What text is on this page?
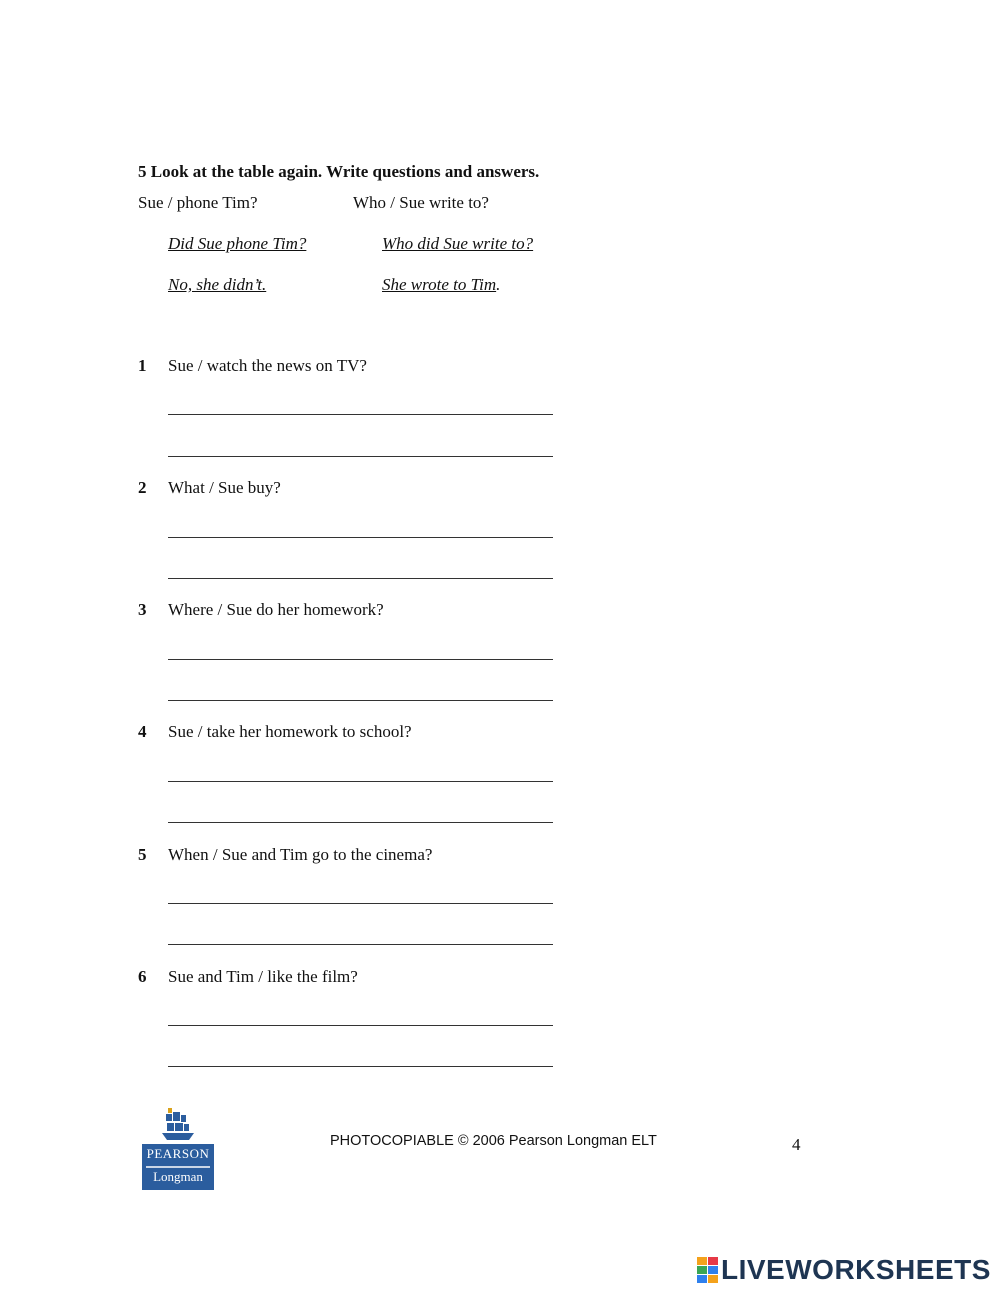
5 Look at the table again. Write questions and answers.
Sue / phone Tim?	Who / Sue write to?
Did Sue phone Tim?	Who did Sue write to?
No, she didn’t.	She wrote to Tim.
1 Sue / watch the news on TV?
2 What / Sue buy?
3 Where / Sue do her homework?
4 Sue / take her homework to school?
5 When / Sue and Tim go to the cinema?
6 Sue and Tim / like the film?
PEARSON
Longman
PHOTOCOPIABLE © 2006 Pearson Longman ELT	4
LIVEWORKSHEETS
